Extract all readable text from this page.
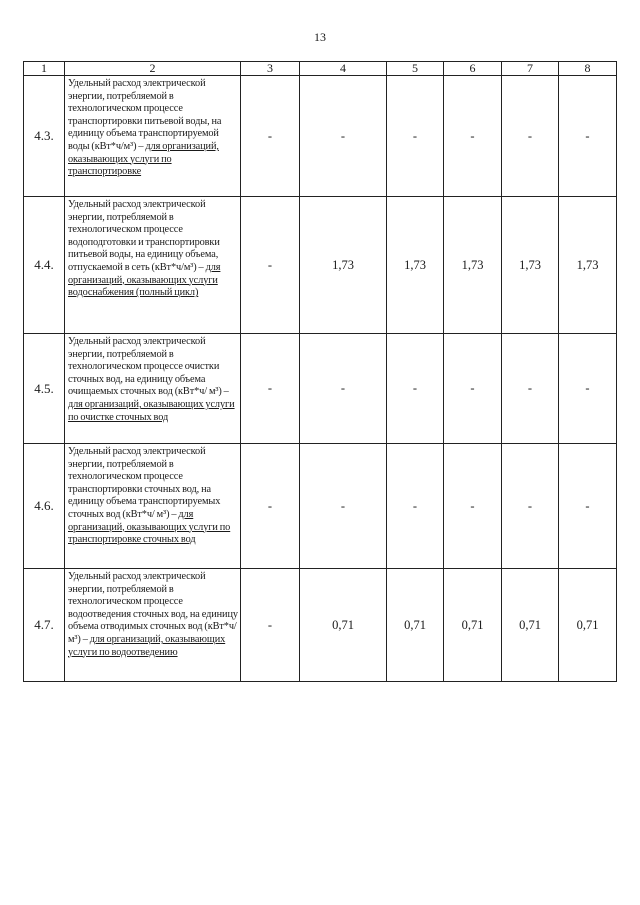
13
1	2	3	4	5	6	7	8
4.3.	Удельный расход электрической энергии, потребляемой в технологическом процессе транспортировки питьевой воды, на единицу объема транспортируемой воды (кВт*ч/м³) – для организаций, оказывающих услуги по транспортировке	-	-	-	-	-	-
4.4.	Удельный расход электрической энергии, потребляемой в технологическом процессе водоподготовки и транспортировки питьевой воды, на единицу объема, отпускаемой в сеть (кВт*ч/м³) – для организаций, оказывающих услуги водоснабжения (полный цикл)	-	1,73	1,73	1,73	1,73	1,73
4.5.	Удельный расход электрической энергии, потребляемой в технологическом процессе очистки сточных вод, на единицу объема очищаемых сточных вод (кВт*ч/ м³) – для организаций, оказывающих услуги по очистке сточных вод	-	-	-	-	-	-
4.6.	Удельный расход электрической энергии, потребляемой в технологическом процессе транспортировки сточных вод, на единицу объема транспортируемых сточных вод (кВт*ч/ м³) – для организаций, оказывающих услуги по транспортировке сточных вод	-	-	-	-	-	-
4.7.	Удельный расход электрической энергии, потребляемой в технологическом процессе водоотведения сточных вод, на единицу объема отводимых сточных вод (кВт*ч/ м³) – для организаций, оказывающих услуги по водоотведению	-	0,71	0,71	0,71	0,71	0,71
